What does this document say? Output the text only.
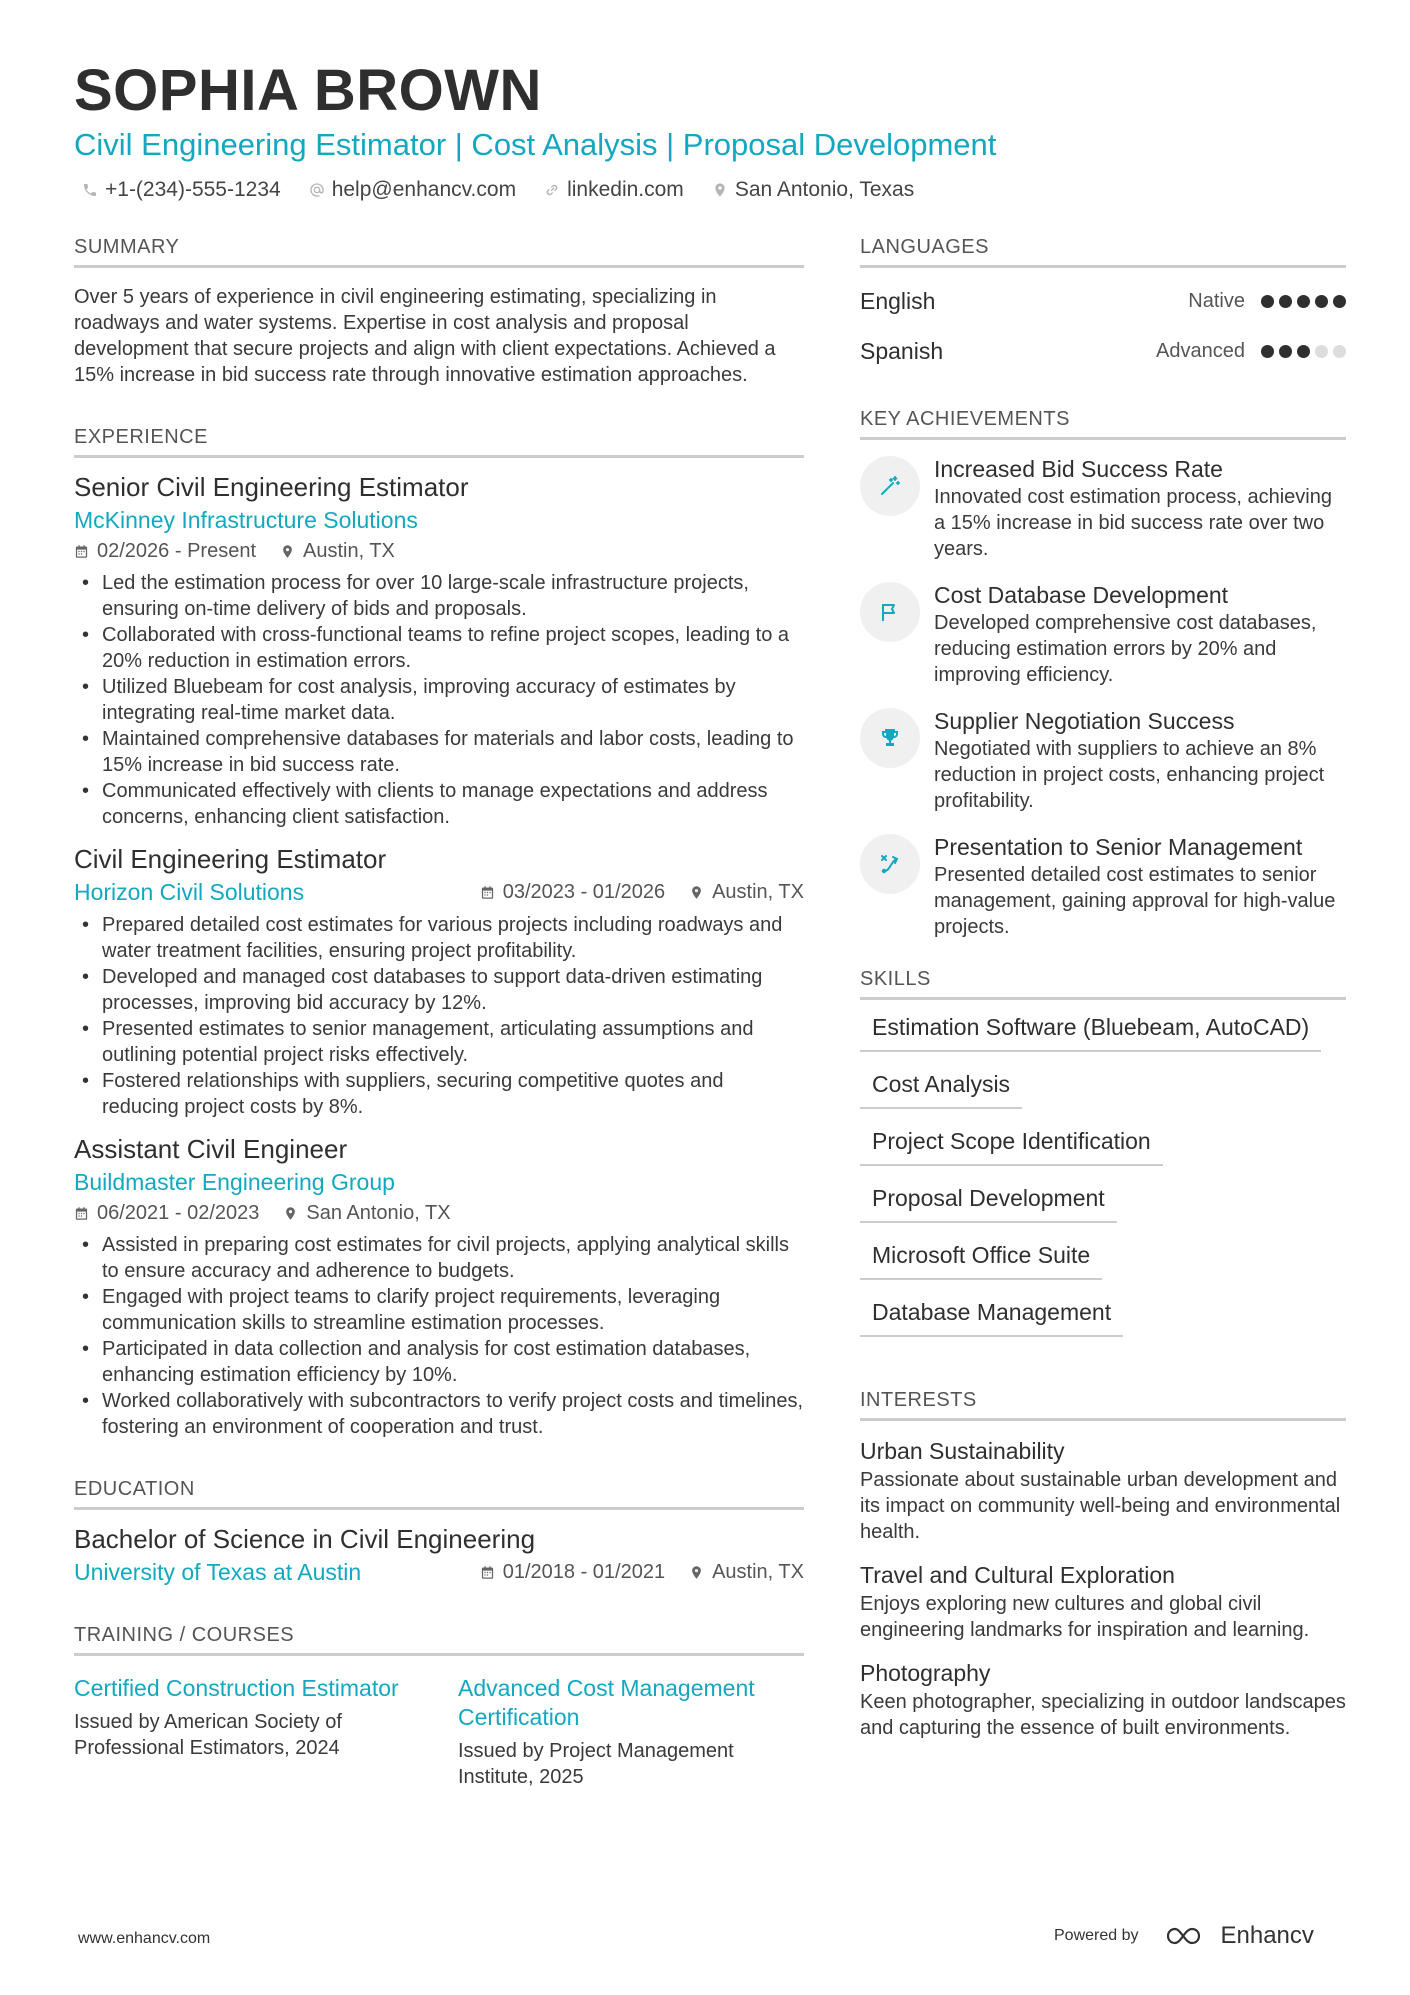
SOPHIA BROWN
Civil Engineering Estimator | Cost Analysis | Proposal Development
+1-(234)-555-1234 help@enhancv.com linkedin.com San Antonio, Texas
SUMMARY
Over 5 years of experience in civil engineering estimating, specializing in roadways and water systems. Expertise in cost analysis and proposal development that secure projects and align with client expectations. Achieved a 15% increase in bid success rate through innovative estimation approaches.
EXPERIENCE
Senior Civil Engineering Estimator
McKinney Infrastructure Solutions
02/2026 - Present Austin, TX
• Led the estimation process for over 10 large-scale infrastructure projects, ensuring on-time delivery of bids and proposals.
• Collaborated with cross-functional teams to refine project scopes, leading to a 20% reduction in estimation errors.
• Utilized Bluebeam for cost analysis, improving accuracy of estimates by integrating real-time market data.
• Maintained comprehensive databases for materials and labor costs, leading to 15% increase in bid success rate.
• Communicated effectively with clients to manage expectations and address concerns, enhancing client satisfaction.
Civil Engineering Estimator
Horizon Civil Solutions	03/2023 - 01/2026 Austin, TX
• Prepared detailed cost estimates for various projects including roadways and water treatment facilities, ensuring project profitability.
• Developed and managed cost databases to support data-driven estimating processes, improving bid accuracy by 12%.
• Presented estimates to senior management, articulating assumptions and outlining potential project risks effectively.
• Fostered relationships with suppliers, securing competitive quotes and reducing project costs by 8%.
Assistant Civil Engineer
Buildmaster Engineering Group
06/2021 - 02/2023 San Antonio, TX
• Assisted in preparing cost estimates for civil projects, applying analytical skills to ensure accuracy and adherence to budgets.
• Engaged with project teams to clarify project requirements, leveraging communication skills to streamline estimation processes.
• Participated in data collection and analysis for cost estimation databases, enhancing estimation efficiency by 10%.
• Worked collaboratively with subcontractors to verify project costs and timelines, fostering an environment of cooperation and trust.
EDUCATION
Bachelor of Science in Civil Engineering
University of Texas at Austin	01/2018 - 01/2021 Austin, TX
TRAINING / COURSES
Certified Construction Estimator
Issued by American Society of Professional Estimators, 2024
Advanced Cost Management Certification
Issued by Project Management Institute, 2025
LANGUAGES
English	Native
Spanish	Advanced
KEY ACHIEVEMENTS
Increased Bid Success Rate
Innovated cost estimation process, achieving a 15% increase in bid success rate over two years.
Cost Database Development
Developed comprehensive cost databases, reducing estimation errors by 20% and improving efficiency.
Supplier Negotiation Success
Negotiated with suppliers to achieve an 8% reduction in project costs, enhancing project profitability.
Presentation to Senior Management
Presented detailed cost estimates to senior management, gaining approval for high-value projects.
SKILLS
Estimation Software (Bluebeam, AutoCAD)
Cost Analysis
Project Scope Identification
Proposal Development
Microsoft Office Suite
Database Management
INTERESTS
Urban Sustainability
Passionate about sustainable urban development and its impact on community well-being and environmental health.
Travel and Cultural Exploration
Enjoys exploring new cultures and global civil engineering landmarks for inspiration and learning.
Photography
Keen photographer, specializing in outdoor landscapes and capturing the essence of built environments.
www.enhancv.com	Powered by	Enhancv
